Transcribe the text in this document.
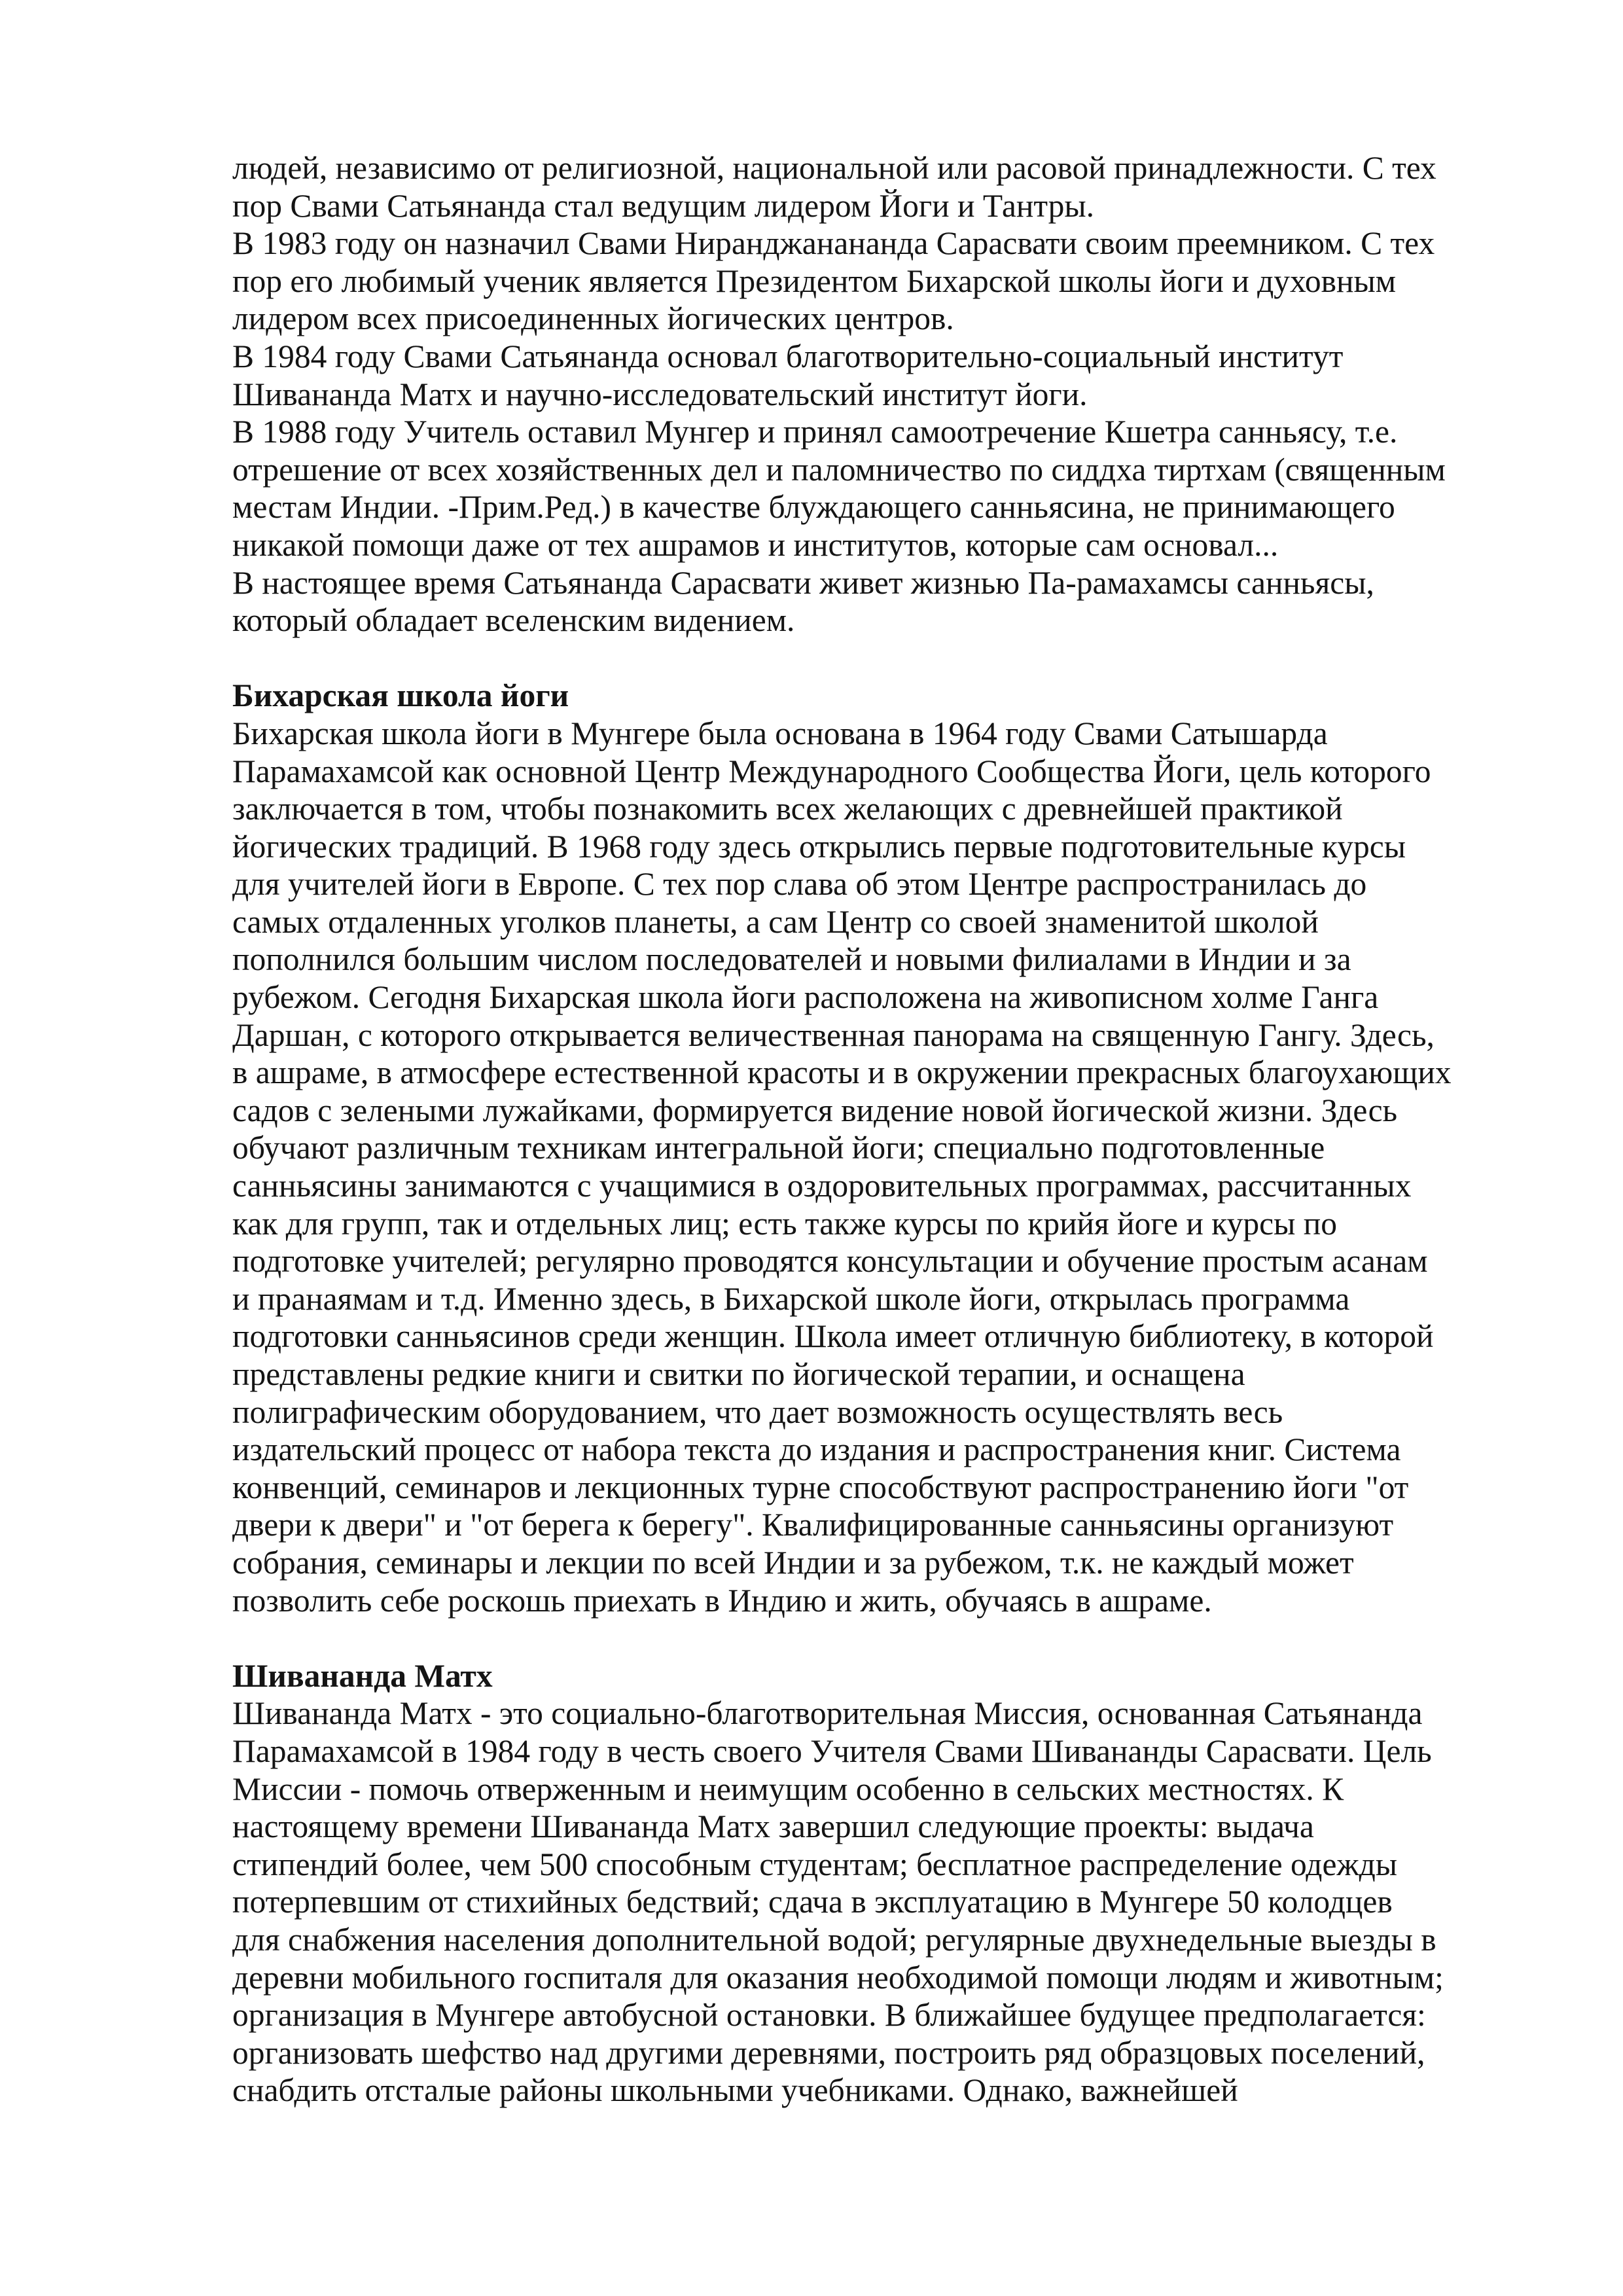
людей, независимо от религиозной, национальной или расовой принадлежности. С тех
пор Свами Сатьянанда стал ведущим лидером Йоги и Тантры.
В 1983 году он назначил Свами Ниранджанананда Сарасвати своим преемником. С тех
пор его любимый ученик является Президентом Бихарской школы йоги и духовным
лидером всех присоединенных йогических центров.
В 1984 году Свами Сатьянанда основал благотворительно-социальный институт
Шивананда Матх и научно-исследовательский институт йоги.
В 1988 году Учитель оставил Мунгер и принял самоотречение Кшетра санньясу, т.е.
отрешение от всех хозяйственных дел и паломничество по сиддха тиртхам (священным
местам Индии. -Прим.Ред.) в качестве блуждающего санньясина, не принимающего
никакой помощи даже от тех ашрамов и институтов, которые сам основал...
В настоящее время Сатьянанда Сарасвати живет жизнью Па-рамахамсы санньясы,
который обладает вселенским видением.
Бихарская школа йоги
Бихарская школа йоги в Мунгере была основана в 1964 году Свами Сатышарда
Парамахамсой как основной Центр Международного Сообщества Йоги, цель которого
заключается в том, чтобы познакомить всех желающих с древнейшей практикой
йогических традиций. В 1968 году здесь открылись первые подготовительные курсы
для учителей йоги в Европе. С тех пор слава об этом Центре распространилась до
самых отдаленных уголков планеты, а сам Центр со своей знаменитой школой
пополнился большим числом последователей и новыми филиалами в Индии и за
рубежом. Сегодня Бихарская школа йоги расположена на живописном холме Ганга
Даршан, с которого открывается величественная панорама на священную Гангу. Здесь,
в ашраме, в атмосфере естественной красоты и в окружении прекрасных благоухающих
садов с зелеными лужайками, формируется видение новой йогической жизни. Здесь
обучают различным техникам интегральной йоги; специально подготовленные
санньясины занимаются с учащимися в оздоровительных программах, рассчитанных
как для групп, так и отдельных лиц; есть также курсы по крийя йоге и курсы по
подготовке учителей; регулярно проводятся консультации и обучение простым асанам
и пранаямам и т.д. Именно здесь, в Бихарской школе йоги, открылась программа
подготовки санньясинов среди женщин. Школа имеет отличную библиотеку, в которой
представлены редкие книги и свитки по йогической терапии, и оснащена
полиграфическим оборудованием, что дает возможность осуществлять весь
издательский процесс от набора текста до издания и распространения книг. Система
конвенций, семинаров и лекционных турне способствуют распространению йоги "от
двери к двери" и "от берега к берегу". Квалифицированные санньясины организуют
собрания, семинары и лекции по всей Индии и за рубежом, т.к. не каждый может
позволить себе роскошь приехать в Индию и жить, обучаясь в ашраме.
Шивананда Матх
Шивананда Матх - это социально-благотворительная Миссия, основанная Сатьянанда
Парамахамсой в 1984 году в честь своего Учителя Свами Шивананды Сарасвати. Цель
Миссии - помочь отверженным и неимущим особенно в сельских местностях. К
настоящему времени Шивананда Матх завершил следующие проекты: выдача
стипендий более, чем 500 способным студентам; бесплатное распределение одежды
потерпевшим от стихийных бедствий; сдача в эксплуатацию в Мунгере 50 колодцев
для снабжения населения дополнительной водой; регулярные двухнедельные выезды в
деревни мобильного госпиталя для оказания необходимой помощи людям и животным;
организация в Мунгере автобусной остановки. В ближайшее будущее предполагается:
организовать шефство над другими деревнями, построить ряд образцовых поселений,
снабдить отсталые районы школьными учебниками. Однако, важнейшей
